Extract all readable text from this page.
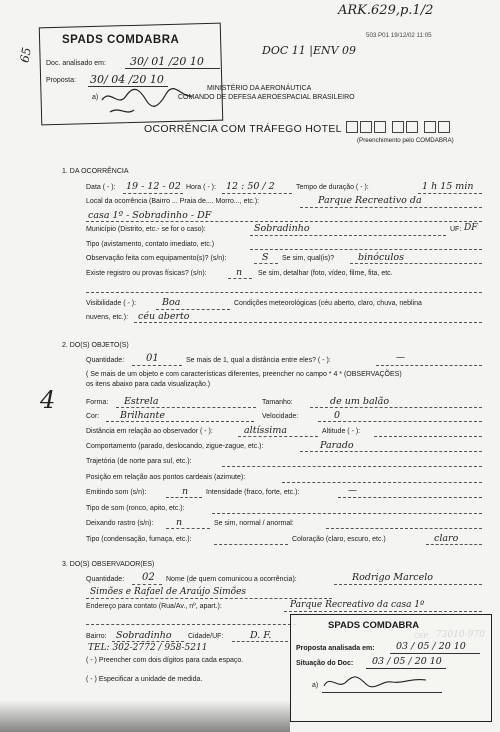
ARK.629,p.1/2
503 P01 19/12/02 11:05
DOC 11 |ENV 09
SPADS COMDABRA
Doc. analisado em: 30/ 01 /20 10
Proposta: 30/ 04 /20 10
a)
65
MINISTÉRIO DA AERONÁUTICA
COMANDO DE DEFESA AEROESPACIAL BRASILEIRO
OCORRÊNCIA COM TRÁFEGO HOTEL
(Preenchimento pelo COMDABRA)
1. DA OCORRÊNCIA
Data ( - ): 19 - 12 - 02 Hora ( - ): 12 : 50 / 2	Tempo de duração ( - ):	1 h 15 min
Local da ocorrência (Bairro ... Praia de.... Morro..., etc.):	Parque Recreativo da
casa 1º - Sobradinho - DF
Município (Distrito, etc.- se for o caso):	Sobradinho	UF: DF
Tipo (avistamento, contato imediato, etc.)
Observação feita com equipamento(s)? (s/n):	S Se sim, qual(is)?	binóculos
Existe registro ou provas físicas? (s/n):	n Se sim, detalhar (foto, vídeo, filme, fita, etc.
Visibilidade ( - ):	Boa	Condições meteorológicas (céu aberto, claro, chuva, neblina
nuvens, etc.): céu aberto
2. DO(S) OBJETO(S)
Quantidade: 01	Se mais de 1, qual a distância entre eles? ( - ):	—
( Se mais de um objeto e com características diferentes, preencher no campo * 4 * (OBSERVAÇÕES)
os itens abaixo para cada visualização.)
4	Forma: Estrela	Tamanho:	de um balão
Cor: Brilhante	Velocidade:	0
Distância em relação ao observador ( - ):	altíssima	Altitude ( - ):
Comportamento (parado, deslocando, zigue-zague, etc.):	Parado
Trajetória (de norte para sul, etc.):
Posição em relação aos pontos cardeais (azimute):
Emitindo som (s/n):	n	Intensidade (fraco, forte, etc.):	—
Tipo de som (ronco, apito, etc.):
Deixando rastro (s/n): n	Se sim, normal / anormal:
Tipo (condensação, fumaça, etc.):	Coloração (claro, escuro, etc.)	claro
3. DO(S) OBSERVADOR(ES)
Quantidade: 02 Nome (de quem comunicou a ocorrência):	Rodrigo Marcelo
Simões e Rafael de Araújo Simões
Endereço para contato (Rua/Av., nº, apart.):	Parque Recreativo da casa 1º
Bairro: Sobradinho Cidade/UF:	D. F.
TEL: 302-2772 / 958-5211
( - ) Preencher com dois dígitos para cada espaço.
( - ) Especificar a unidade de medida.
SPADS COMDABRA
Proposta analisada em: 03 / 05 / 20 10
Situação do Doc: 03 / 05 / 20 10
a)
